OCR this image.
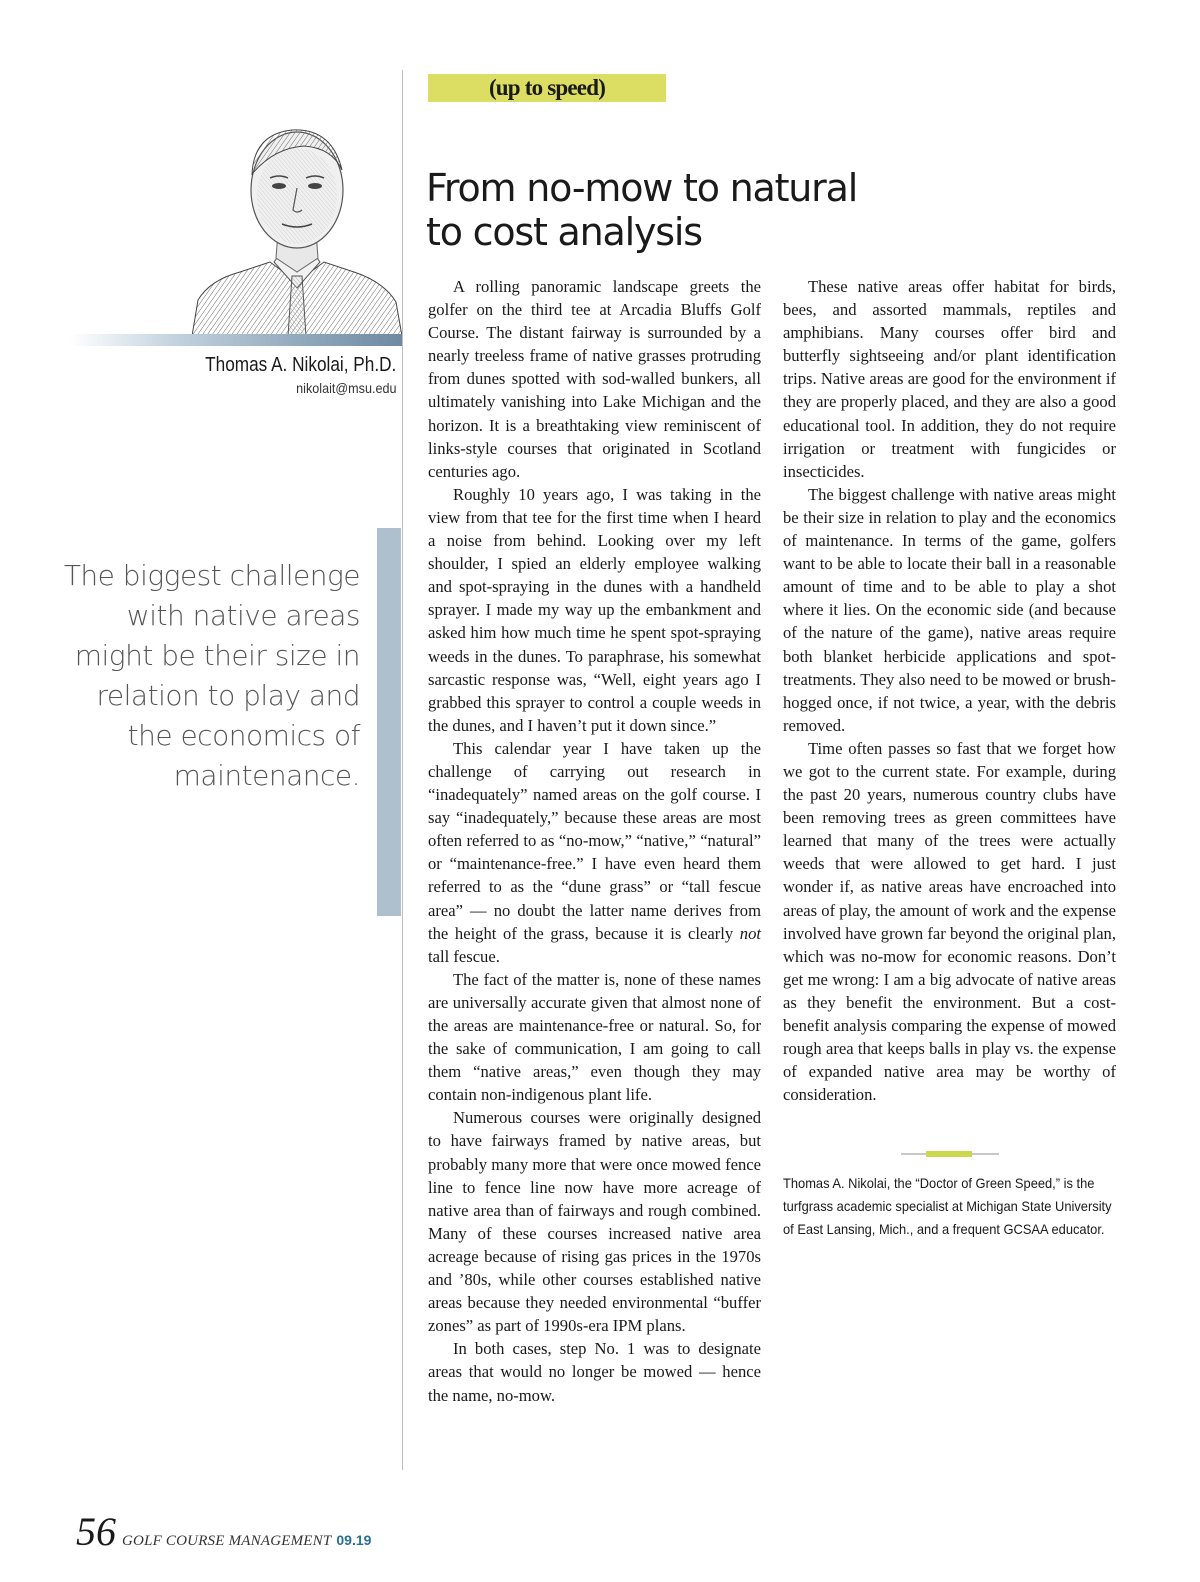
Thomas A. Nikolai, Ph.D.
nikolait@msu.edu

The biggest challenge with native areas might be their size in relation to play and the economics of maintenance.

(up to speed)
From no-mow to natural
to cost analysis

A rolling panoramic landscape greets the golfer on the third tee at Arcadia Bluffs Golf Course. The distant fairway is surrounded by a nearly treeless frame of native grasses protruding from dunes spotted with sod-walled bunkers, all ultimately vanishing into Lake Michigan and the horizon. It is a breathtaking view reminiscent of links-style courses that originated in Scotland centuries ago.

Roughly 10 years ago, I was taking in the view from that tee for the first time when I heard a noise from behind. Looking over my left shoulder, I spied an elderly employee walking and spot-spraying in the dunes with a handheld sprayer. I made my way up the embankment and asked him how much time he spent spot-spraying weeds in the dunes. To paraphrase, his somewhat sarcastic response was, “Well, eight years ago I grabbed this sprayer to control a couple weeds in the dunes, and I haven’t put it down since.”

This calendar year I have taken up the challenge of carrying out research in “inadequately” named areas on the golf course. I say “inadequately,” because these areas are most often referred to as “no-mow,” “native,” “natural” or “maintenance-free.” I have even heard them referred to as the “dune grass” or “tall fescue area” — no doubt the latter name derives from the height of the grass, because it is clearly not tall fescue.

The fact of the matter is, none of these names are universally accurate given that almost none of the areas are maintenance-free or natural. So, for the sake of communication, I am going to call them “native areas,” even though they may contain non-indigenous plant life.

Numerous courses were originally designed to have fairways framed by native areas, but probably many more that were once mowed fence line to fence line now have more acreage of native area than of fairways and rough combined. Many of these courses increased native area acreage because of rising gas prices in the 1970s and ’80s, while other courses established native areas because they needed environmental “buffer zones” as part of 1990s-era IPM plans.

In both cases, step No. 1 was to designate areas that would no longer be mowed — hence the name, no-mow.

These native areas offer habitat for birds, bees, and assorted mammals, reptiles and amphibians. Many courses offer bird and butterfly sightseeing and/or plant identification trips. Native areas are good for the environment if they are properly placed, and they are also a good educational tool. In addition, they do not require irrigation or treatment with fungicides or insecticides.

The biggest challenge with native areas might be their size in relation to play and the economics of maintenance. In terms of the game, golfers want to be able to locate their ball in a reasonable amount of time and to be able to play a shot where it lies. On the economic side (and because of the nature of the game), native areas require both blanket herbicide applications and spot-treatments. They also need to be mowed or brush-hogged once, if not twice, a year, with the debris removed.

Time often passes so fast that we forget how we got to the current state. For example, during the past 20 years, numerous country clubs have been removing trees as green committees have learned that many of the trees were actually weeds that were allowed to get hard. I just wonder if, as native areas have encroached into areas of play, the amount of work and the expense involved have grown far beyond the original plan, which was no-mow for economic reasons. Don’t get me wrong: I am a big advocate of native areas as they benefit the environment. But a cost-benefit analysis comparing the expense of mowed rough area that keeps balls in play vs. the expense of expanded native area may be worthy of consideration.

Thomas A. Nikolai, the “Doctor of Green Speed,” is the turfgrass academic specialist at Michigan State University of East Lansing, Mich., and a frequent GCSAA educator.

56 GOLF COURSE MANAGEMENT 09.19
